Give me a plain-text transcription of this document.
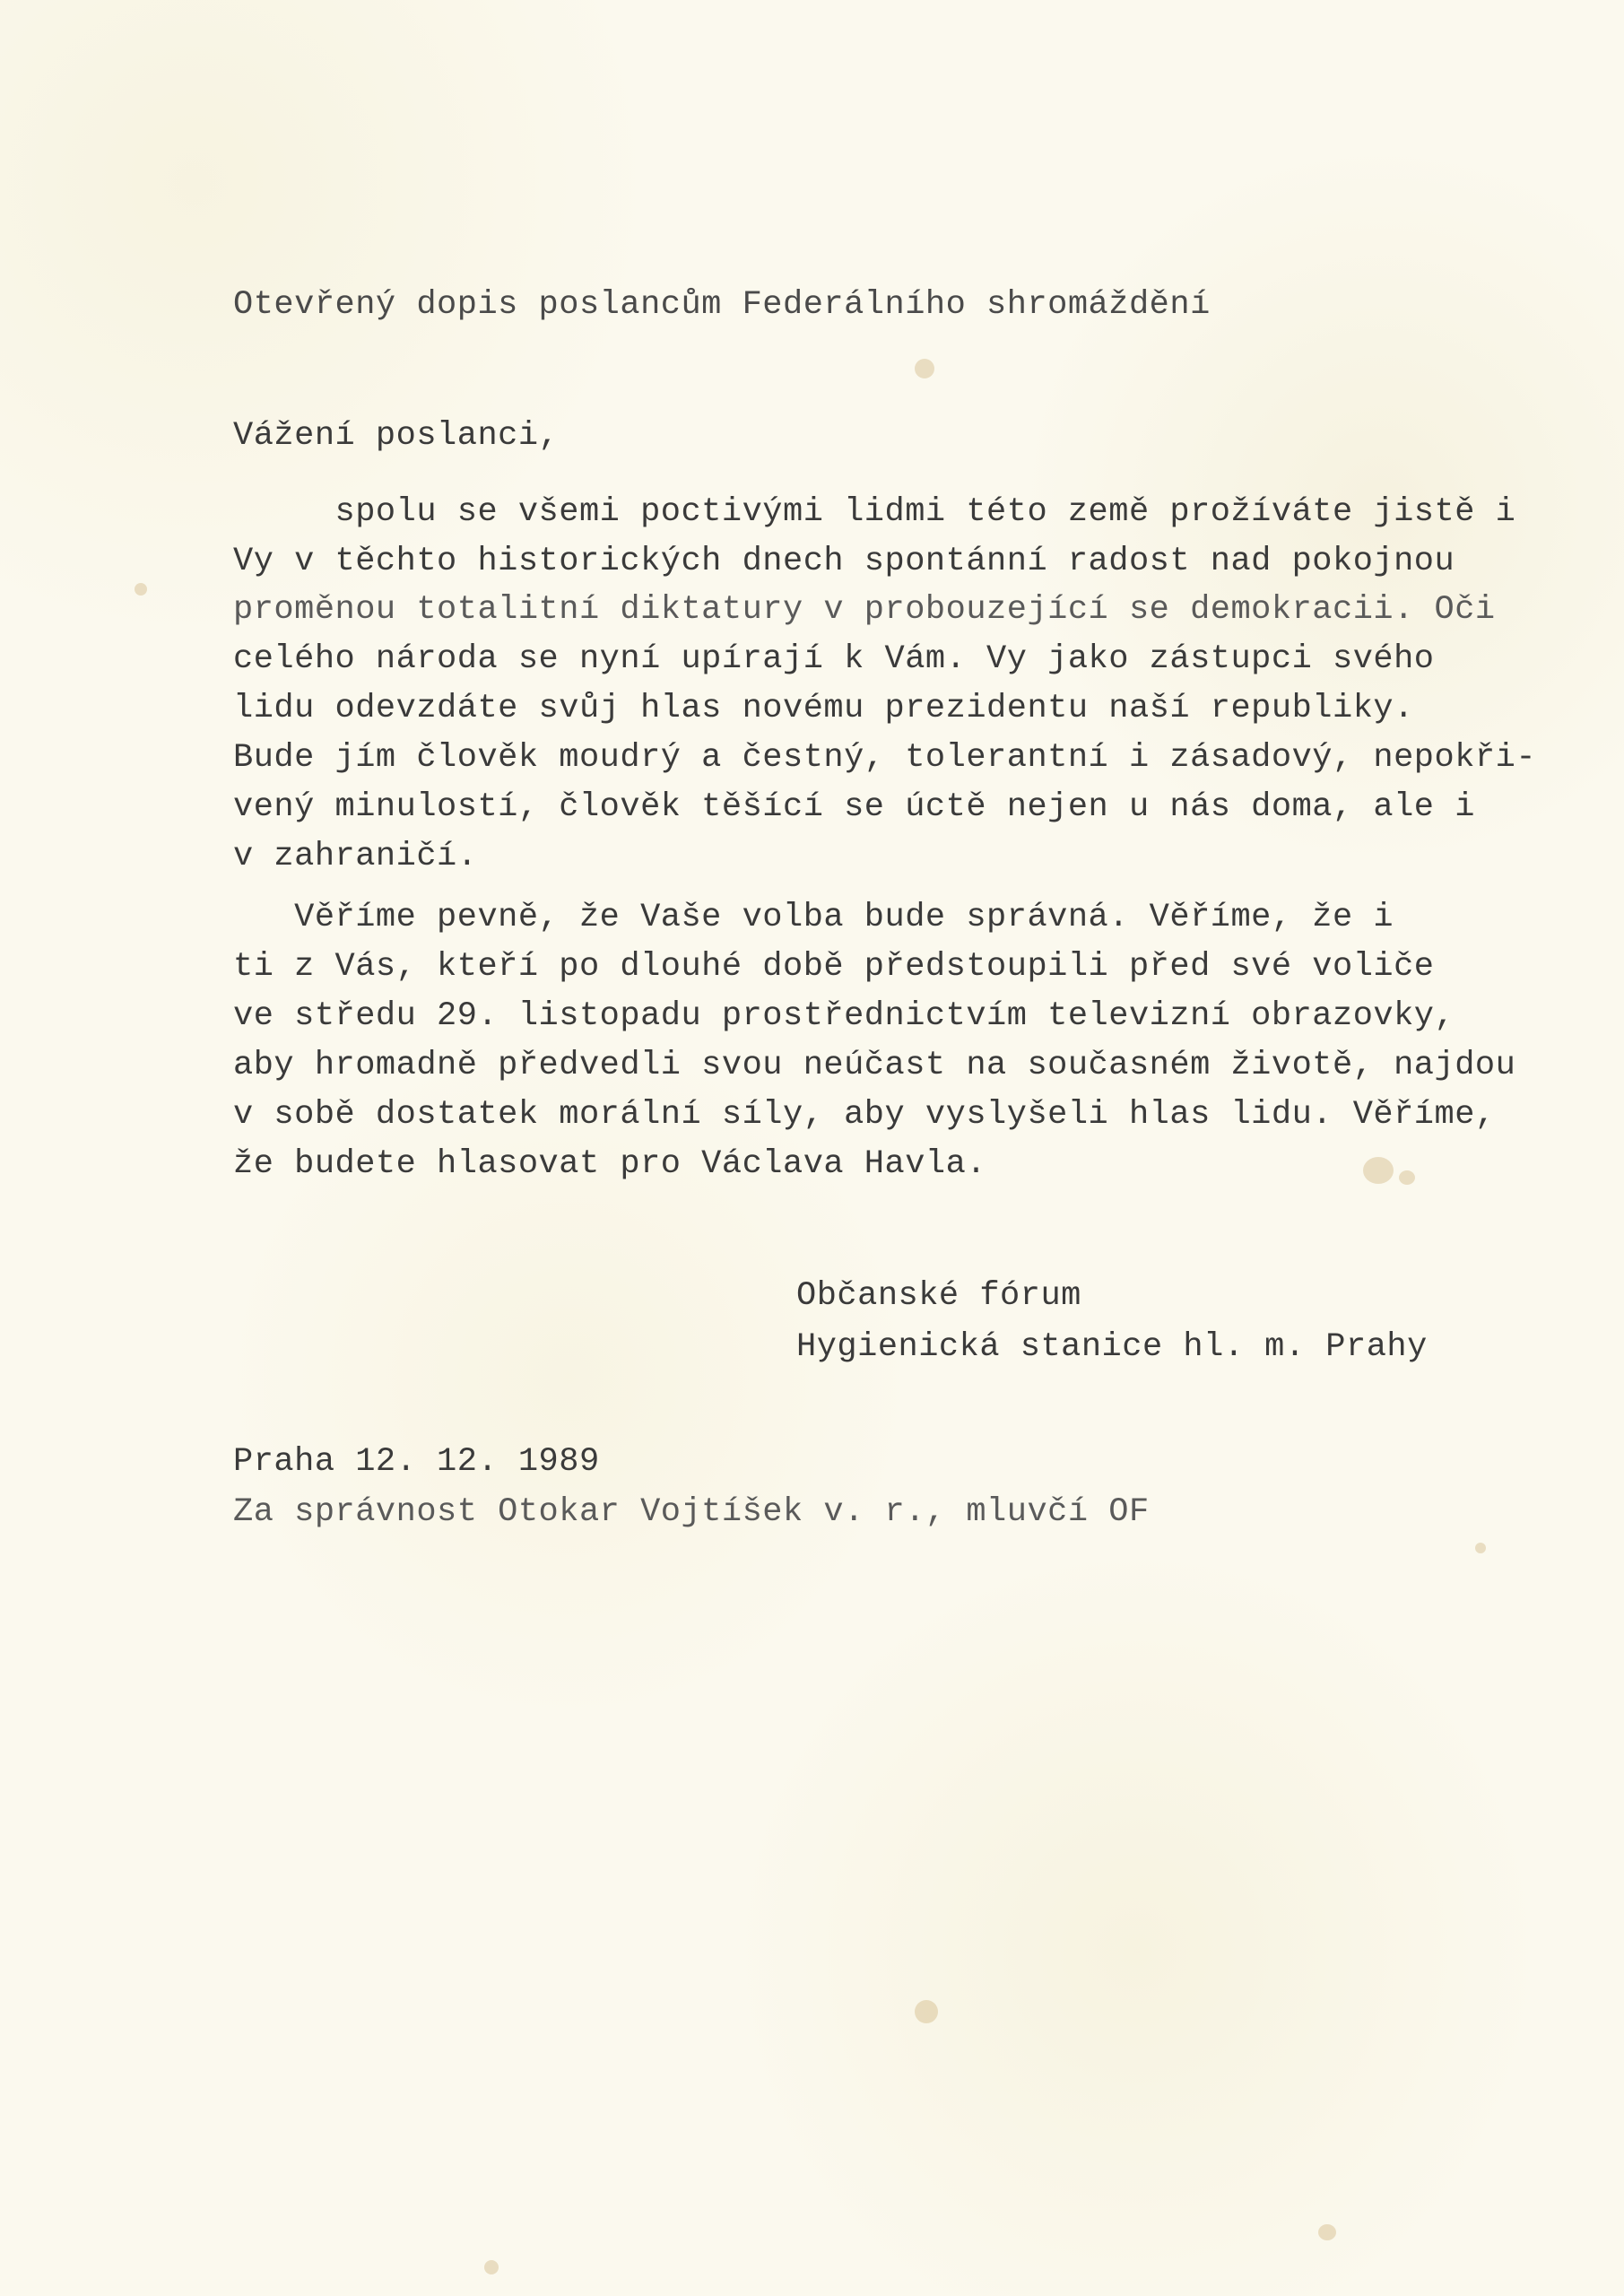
Otevřený dopis poslancům Federálního shromáždění
Vážení poslanci,
spolu se všemi poctivými lidmi této země prožíváte jistě i
Vy v těchto historických dnech spontánní radost nad pokojnou
proměnou totalitní diktatury v probouzející se demokracii. Oči
celého národa se nyní upírají k Vám. Vy jako zástupci svého
lidu odevzdáte svůj hlas novému prezidentu naší republiky.
Bude jím člověk moudrý a čestný, tolerantní i zásadový, nepokři-
vený minulostí, člověk těšící se úctě nejen u nás doma, ale i
v zahraničí.
Věříme pevně, že Vaše volba bude správná. Věříme, že i
ti z Vás, kteří po dlouhé době předstoupili před své voliče
ve středu 29. listopadu prostřednictvím televizní obrazovky,
aby hromadně předvedli svou neúčast na současném životě, najdou
v sobě dostatek morální síly, aby vyslyšeli hlas lidu. Věříme,
že budete hlasovat pro Václava Havla.
Občanské fórum
Hygienická stanice hl. m. Prahy
Praha 12. 12. 1989
Za správnost Otokar Vojtíšek v. r., mluvčí OF
